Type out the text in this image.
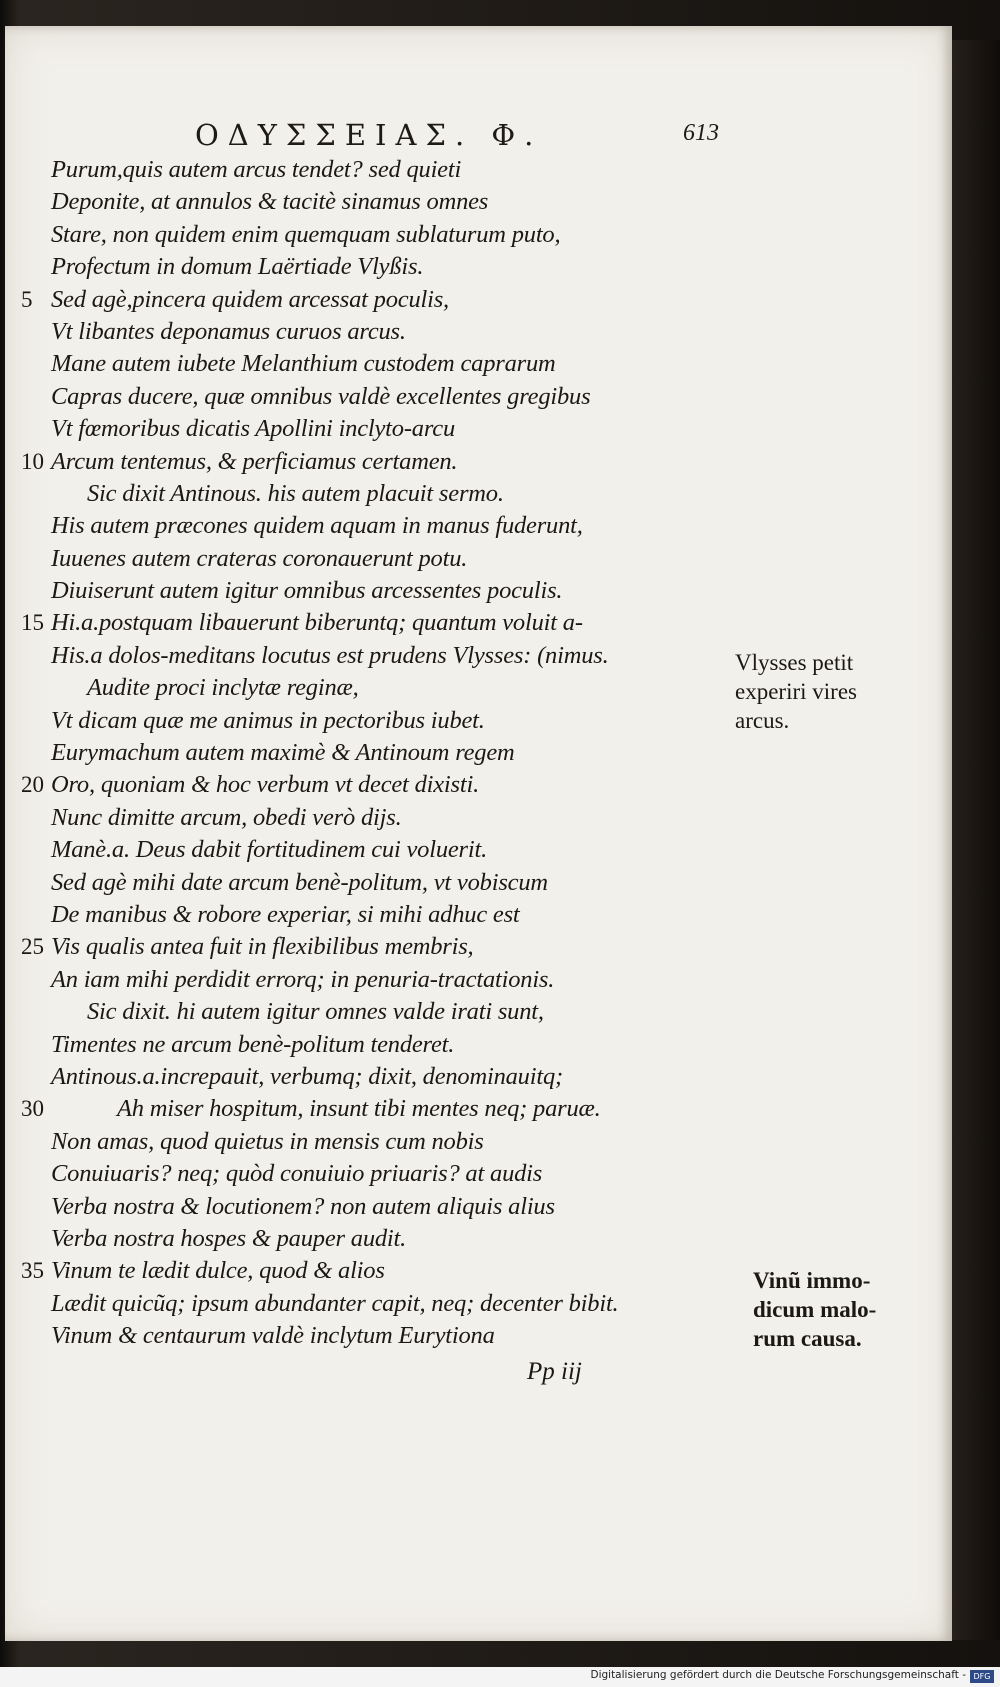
ΟΔΥΣΣΕΙΑΣ. Φ.	613
Purum,quis autem arcus tendet? sed quieti
Deponite, at annulos & tacitè sinamus omnes
Stare, non quidem enim quemquam sublaturum puto,
Profectum in domum Laërtiade Vlyßis.
5 Sed agè,pincera quidem arcessat poculis,
Vt libantes deponamus curuos arcus.
Mane autem iubete Melanthium custodem caprarum
Capras ducere, quæ omnibus valdè excellentes gregibus
Vt fœmoribus dicatis Apollini inclyto-arcu
10 Arcum tentemus, & perficiamus certamen.
Sic dixit Antinous. his autem placuit sermo.
His autem præcones quidem aquam in manus fuderunt,
Iuuenes autem crateras coronauerunt potu.
Diuiserunt autem igitur omnibus arcessentes poculis.
15 Hi.a.postquam libauerunt biberuntq; quantum voluit a-
His.a dolos-meditans locutus est prudens Vlysses: (nimus.
Audite proci inclytæ reginæ,
Vt dicam quæ me animus in pectoribus iubet.
Eurymachum autem maximè & Antinoum regem
20 Oro, quoniam & hoc verbum vt decet dixisti.
Nunc dimitte arcum, obedi verò dijs.
Manè.a. Deus dabit fortitudinem cui voluerit.
Sed agè mihi date arcum benè-politum, vt vobiscum
De manibus & robore experiar, si mihi adhuc est
25 Vis qualis antea fuit in flexibilibus membris,
An iam mihi perdidit errorq; in penuria-tractationis.
Sic dixit. hi autem igitur omnes valde irati sunt,
Timentes ne arcum benè-politum tenderet.
Antinous.a.increpauit, verbumq; dixit, denominauitq;
30	Ah miser hospitum, insunt tibi mentes neq; paruæ.
Non amas, quod quietus in mensis cum nobis
Conuiuaris? neq; quòd conuiuio priuaris? at audis
Verba nostra & locutionem? non autem aliquis alius
Verba nostra hospes & pauper audit.
35 Vinum te lædit dulce, quod & alios
Lædit quicũq; ipsum abundanter capit, neq; decenter bibit.
Vinum & centaurum valdè inclytum Eurytiona
Vlysses petit
experiri vires
arcus.
Vinũ immo-
dicum malo-
rum causa.
Pp iij
Digitalisierung gefördert durch die Deutsche Forschungsgemeinschaft - DFG
